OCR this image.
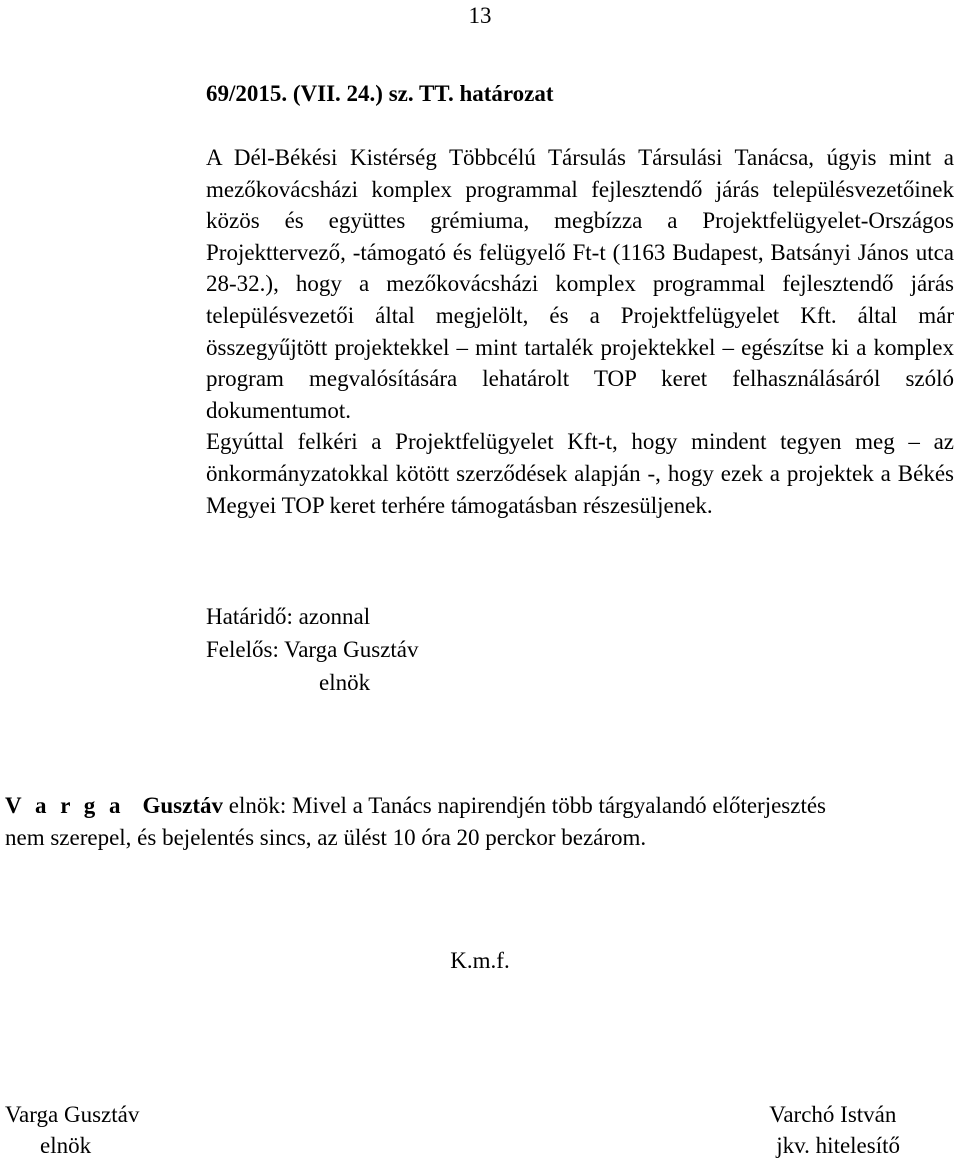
13
69/2015. (VII. 24.) sz. TT. határozat

A Dél-Békési Kistérség Többcélú Társulás Társulási Tanácsa, úgyis mint a mezőkovácsházi komplex programmal fejlesztendő járás településvezetőinek közös és együttes grémiuma, megbízza a Projektfelügyelet-Országos Projekttervező, -támogató és felügyelő Ft-t (1163 Budapest, Batsányi János utca 28-32.), hogy a mezőkovácsházi komplex programmal fejlesztendő járás településvezetői által megjelölt, és a Projektfelügyelet Kft. által már összegyűjtött projektekkel – mint tartalék projektekkel – egészítse ki a komplex program megvalósítására lehatárolt TOP keret felhasználásáról szóló dokumentumot.

Egyúttal felkéri a Projektfelügyelet Kft-t, hogy mindent tegyen meg – az önkormányzatokkal kötött szerződések alapján -, hogy ezek a projektek a Békés Megyei TOP keret terhére támogatásban részesüljenek.

Határidő: azonnal
Felelős: Varga Gusztáv
elnök

V a r g a Gusztáv elnök: Mivel a Tanács napirendjén több tárgyalandó előterjesztés

nem szerepel, és bejelentés sincs, az ülést 10 óra 20 perckor bezárom.

K.m.f.
Varga Gusztáv
elnök
Varchó István
jkv. hitelesítő
